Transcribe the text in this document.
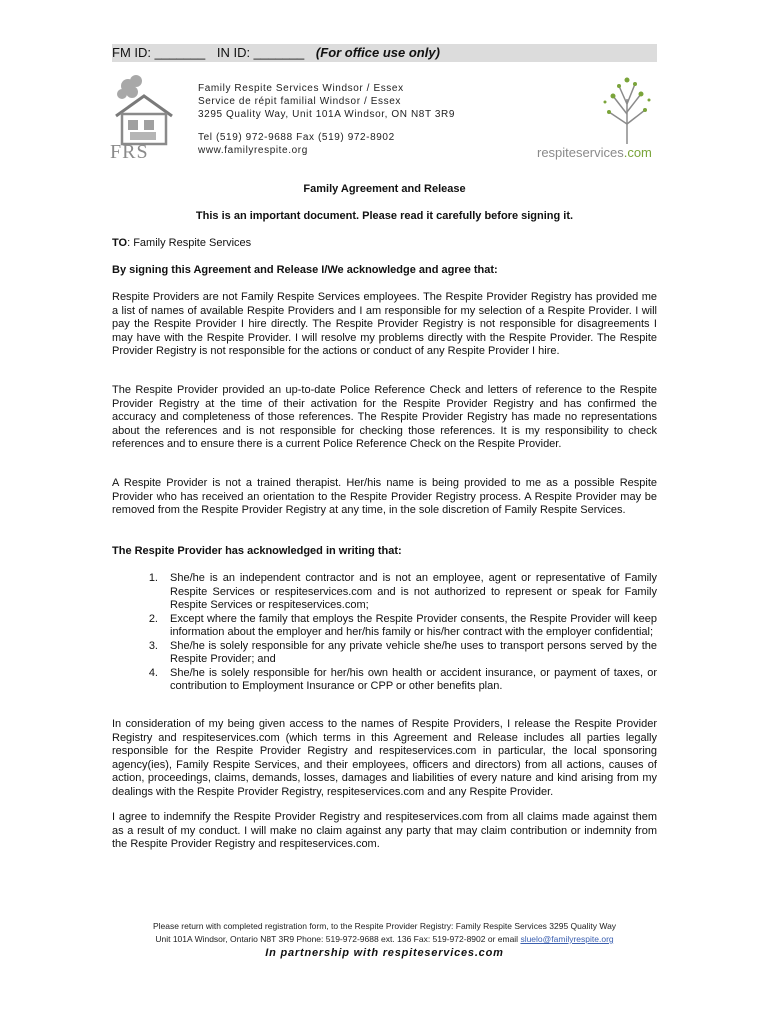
FM ID: _______ IN ID: _______ (For office use only)
FRS
Family Respite Services Windsor / Essex
Service de répit familial Windsor / Essex
3295 Quality Way, Unit 101A Windsor, ON N8T 3R9
Tel (519) 972-9688 Fax (519) 972-8902
www.familyrespite.org	respiteservices.com
Family Agreement and Release
This is an important document. Please read it carefully before signing it.
TO: Family Respite Services
By signing this Agreement and Release I/We acknowledge and agree that:
Respite Providers are not Family Respite Services employees. The Respite Provider Registry has provided me a list of names of available Respite Providers and I am responsible for my selection of a Respite Provider. I will pay the Respite Provider I hire directly. The Respite Provider Registry is not responsible for disagreements I may have with the Respite Provider. I will resolve my problems directly with the Respite Provider. The Respite Provider Registry is not responsible for the actions or conduct of any Respite Provider I hire.
The Respite Provider provided an up-to-date Police Reference Check and letters of reference to the Respite Provider Registry at the time of their activation for the Respite Provider Registry and has confirmed the accuracy and completeness of those references. The Respite Provider Registry has made no representations about the references and is not responsible for checking those references. It is my responsibility to check references and to ensure there is a current Police Reference Check on the Respite Provider.
A Respite Provider is not a trained therapist. Her/his name is being provided to me as a possible Respite Provider who has received an orientation to the Respite Provider Registry process. A Respite Provider may be removed from the Respite Provider Registry at any time, in the sole discretion of Family Respite Services.
The Respite Provider has acknowledged in writing that:
1.	She/he is an independent contractor and is not an employee, agent or representative of Family Respite Services or respiteservices.com and is not authorized to represent or speak for Family Respite Services or respiteservices.com;
2.	Except where the family that employs the Respite Provider consents, the Respite Provider will keep information about the employer and her/his family or his/her contract with the employer confidential;
3.	She/he is solely responsible for any private vehicle she/he uses to transport persons served by the Respite Provider; and
4.	She/he is solely responsible for her/his own health or accident insurance, or payment of taxes, or contribution to Employment Insurance or CPP or other benefits plan.
In consideration of my being given access to the names of Respite Providers, I release the Respite Provider Registry and respiteservices.com (which terms in this Agreement and Release includes all parties legally responsible for the Respite Provider Registry and respiteservices.com in particular, the local sponsoring agency(ies), Family Respite Services, and their employees, officers and directors) from all actions, causes of action, proceedings, claims, demands, losses, damages and liabilities of every nature and kind arising from my dealings with the Respite Provider Registry, respiteservices.com and any Respite Provider.
I agree to indemnify the Respite Provider Registry and respiteservices.com from all claims made against them as a result of my conduct. I will make no claim against any party that may claim contribution or indemnity from the Respite Provider Registry and respiteservices.com.
Please return with completed registration form, to the Respite Provider Registry: Family Respite Services 3295 Quality Way
Unit 101A Windsor, Ontario N8T 3R9 Phone: 519-972-9688 ext. 136 Fax: 519-972-8902 or email sluelo@familyrespite.org
In partnership with respiteservices.com
